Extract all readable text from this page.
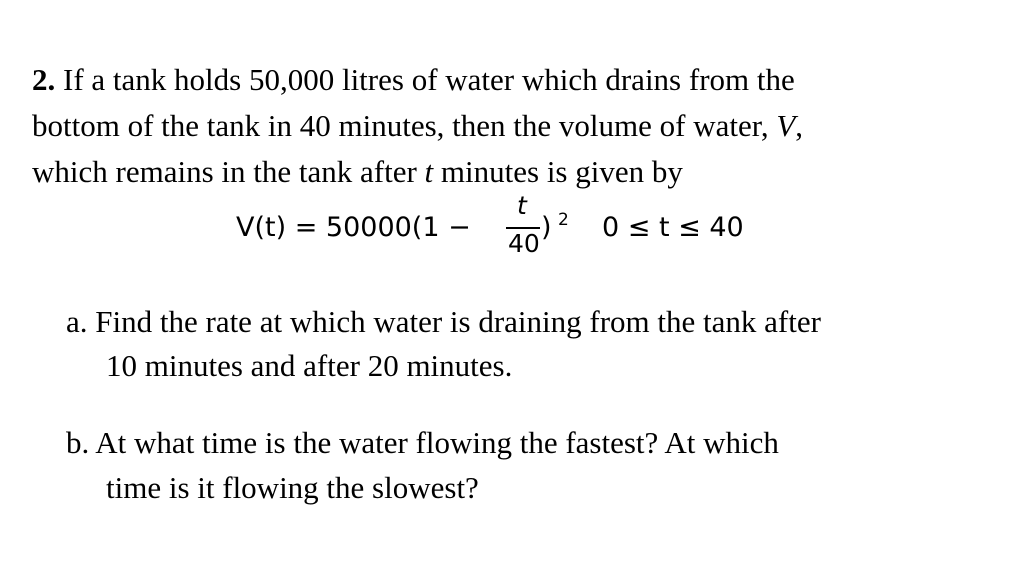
2. If a tank holds 50,000 litres of water which drains from the
bottom of the tank in 40 minutes, then the volume of water, V,
which remains in the tank after t minutes is given by
V(t) = 50000(1 −
t
40
) 2 0 ≤ t ≤ 40
a. Find the rate at which water is draining from the tank after
10 minutes and after 20 minutes.
b. At what time is the water flowing the fastest? At which
time is it flowing the slowest?
